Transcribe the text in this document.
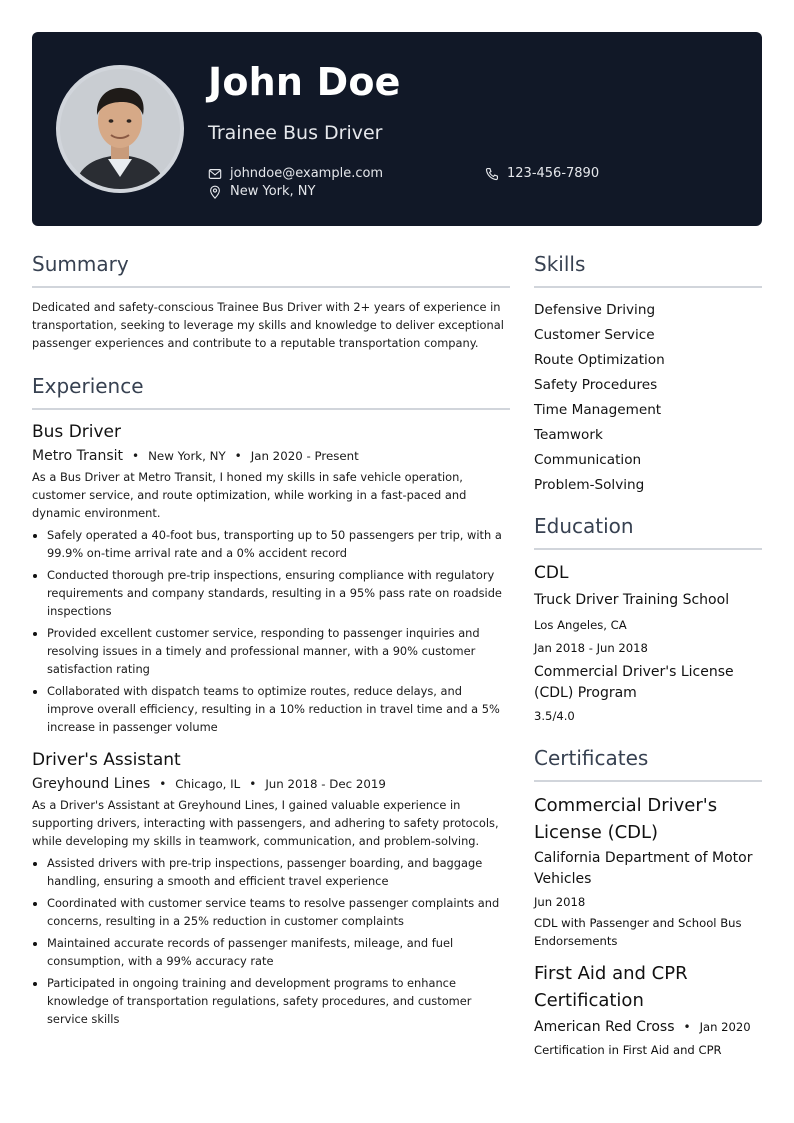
John Doe
Trainee Bus Driver
johndoe@example.com	123-456-7890
New York, NY
Summary
Dedicated and safety-conscious Trainee Bus Driver with 2+ years of experience in transportation, seeking to leverage my skills and knowledge to deliver exceptional passenger experiences and contribute to a reputable transportation company.
Experience
Bus Driver
Metro Transit • New York, NY • Jan 2020 - Present
As a Bus Driver at Metro Transit, I honed my skills in safe vehicle operation, customer service, and route optimization, while working in a fast-paced and dynamic environment.
Safely operated a 40-foot bus, transporting up to 50 passengers per trip, with a 99.9% on-time arrival rate and a 0% accident record
Conducted thorough pre-trip inspections, ensuring compliance with regulatory requirements and company standards, resulting in a 95% pass rate on roadside inspections
Provided excellent customer service, responding to passenger inquiries and resolving issues in a timely and professional manner, with a 90% customer satisfaction rating
Collaborated with dispatch teams to optimize routes, reduce delays, and improve overall efficiency, resulting in a 10% reduction in travel time and a 5% increase in passenger volume
Driver's Assistant
Greyhound Lines • Chicago, IL • Jun 2018 - Dec 2019
As a Driver's Assistant at Greyhound Lines, I gained valuable experience in supporting drivers, interacting with passengers, and adhering to safety protocols, while developing my skills in teamwork, communication, and problem-solving.
Assisted drivers with pre-trip inspections, passenger boarding, and baggage handling, ensuring a smooth and efficient travel experience
Coordinated with customer service teams to resolve passenger complaints and concerns, resulting in a 25% reduction in customer complaints
Maintained accurate records of passenger manifests, mileage, and fuel consumption, with a 99% accuracy rate
Participated in ongoing training and development programs to enhance knowledge of transportation regulations, safety procedures, and customer service skills
Skills
Defensive Driving
Customer Service
Route Optimization
Safety Procedures
Time Management
Teamwork
Communication
Problem-Solving
Education
CDL
Truck Driver Training School
Los Angeles, CA
Jan 2018 - Jun 2018
Commercial Driver's License (CDL) Program
3.5/4.0
Certificates
Commercial Driver's License (CDL)
California Department of Motor Vehicles
Jun 2018
CDL with Passenger and School Bus Endorsements
First Aid and CPR Certification
American Red Cross • Jan 2020
Certification in First Aid and CPR
